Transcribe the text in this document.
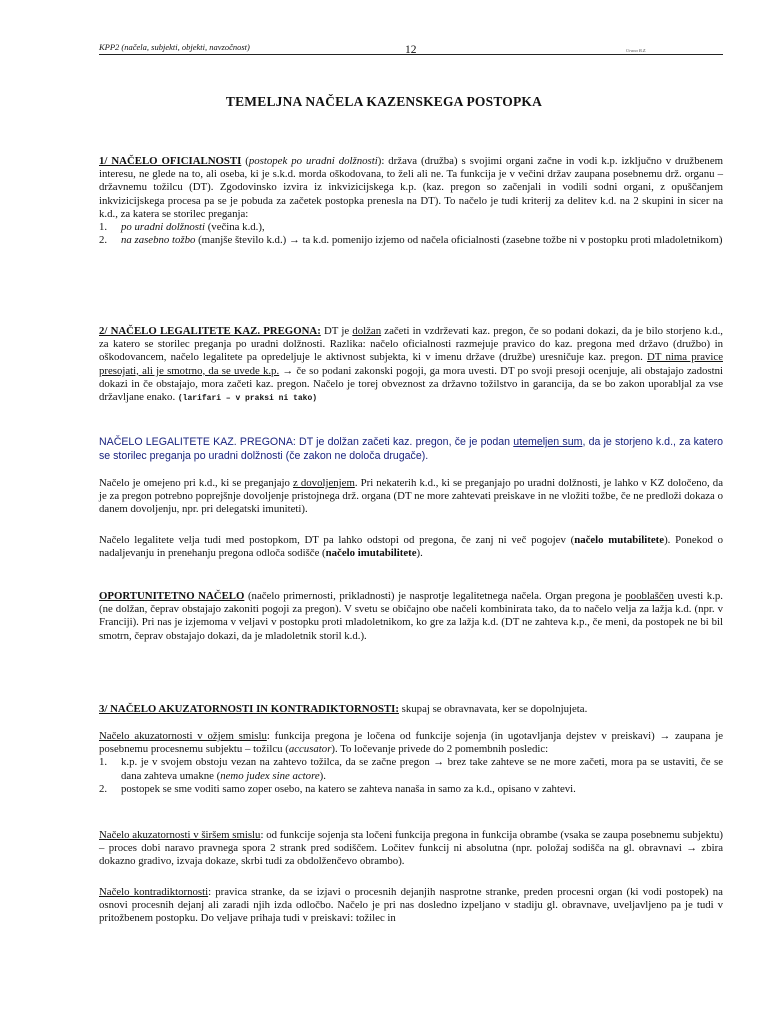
KPP2 (načela, subjekti, objekti, navzočnost)	12	Urana B.Z.
TEMELJNA NAČELA KAZENSKEGA POSTOPKA

1/ NAČELO OFICIALNOSTI (postopek po uradni dolžnosti): država (družba) s svojimi organi začne in vodi k.p. izključno v družbenem interesu, ne glede na to, ali oseba, ki je s.k.d. morda oškodovana, to želi ali ne. Ta funkcija je v večini držav zaupana posebnemu drž. organu – državnemu tožilcu (DT). Zgodovinsko izvira iz inkvizicijskega k.p. (kaz. pregon so začenjali in vodili sodni organi, z opuščanjem inkvizicijskega procesa pa se je pobuda za začetek postopka prenesla na DT). To načelo je tudi kriterij za delitev k.d. na 2 skupini in sicer na k.d., za katera se storilec preganja:

1. po uradni dolžnosti (večina k.d.),
2. na zasebno tožbo (manjše število k.d.) → ta k.d. pomenijo izjemo od načela oficialnosti (zasebne tožbe ni v postopku proti mladoletnikom)

2/ NAČELO LEGALITETE KAZ. PREGONA: DT je dolžan začeti in vzdrževati kaz. pregon, če so podani dokazi, da je bilo storjeno k.d., za katero se storilec preganja po uradni dolžnosti. Razlika: načelo oficialnosti razmejuje pravico do kaz. pregona med državo (družbo) in oškodovancem, načelo legalitete pa opredeljuje le aktivnost subjekta, ki v imenu države (družbe) uresničuje kaz. pregon. DT nima pravice presojati, ali je smotrno, da se uvede k.p. → če so podani zakonski pogoji, ga mora uvesti. DT po svoji presoji ocenjuje, ali obstajajo zadostni dokazi in če obstajajo, mora začeti kaz. pregon. Načelo je torej obveznost za državno tožilstvo in garancija, da se bo zakon uporabljal za vse državljane enako. (larifari – v praksi ni tako)

NAČELO LEGALITETE KAZ. PREGONA: DT je dolžan začeti kaz. pregon, če je podan utemeljen sum, da je storjeno k.d., za katero se storilec preganja po uradni dolžnosti (če zakon ne določa drugače).

Načelo je omejeno pri k.d., ki se preganjajo z dovoljenjem. Pri nekaterih k.d., ki se preganjajo po uradni dolžnosti, je lahko v KZ določeno, da je za pregon potrebno poprejšnje dovoljenje pristojnega drž. organa (DT ne more zahtevati preiskave in ne vložiti tožbe, če ne predloži dokaza o danem dovoljenju, npr. pri delegatski imuniteti).

Načelo legalitete velja tudi med postopkom, DT pa lahko odstopi od pregona, če zanj ni več pogojev (načelo mutabilitete). Ponekod o nadaljevanju in prenehanju pregona odloča sodišče (načelo imutabilitete).

OPORTUNITETNO NAČELO (načelo primernosti, prikladnosti) je nasprotje legalitetnega načela. Organ pregona je pooblaščen uvesti k.p. (ne dolžan, čeprav obstajajo zakoniti pogoji za pregon). V svetu se običajno obe načeli kombinirata tako, da to načelo velja za lažja k.d. (npr. v Franciji). Pri nas je izjemoma v veljavi v postopku proti mladoletnikom, ko gre za lažja k.d. (DT ne zahteva k.p., če meni, da postopek ne bi bil smotrn, čeprav obstajajo dokazi, da je mladoletnik storil k.d.).

3/ NAČELO AKUZATORNOSTI IN KONTRADIKTORNOSTI: skupaj se obravnavata, ker se dopolnjujeta.

Načelo akuzatornosti v ožjem smislu: funkcija pregona je ločena od funkcije sojenja (in ugotavljanja dejstev v preiskavi) → zaupana je posebnemu procesnemu subjektu – tožilcu (accusator). To ločevanje privede do 2 pomembnih posledic:

1. k.p. je v svojem obstoju vezan na zahtevo tožilca, da se začne pregon → brez take zahteve se ne more začeti, mora pa se ustaviti, če se dana zahteva umakne (nemo judex sine actore).
2. postopek se sme voditi samo zoper osebo, na katero se zahteva nanaša in samo za k.d., opisano v zahtevi.

Načelo akuzatornosti v širšem smislu: od funkcije sojenja sta ločeni funkcija pregona in funkcija obrambe (vsaka se zaupa posebnemu subjektu) – proces dobi naravo pravnega spora 2 strank pred sodiščem. Ločitev funkcij ni absolutna (npr. položaj sodišča na gl. obravnavi → zbira dokazno gradivo, izvaja dokaze, skrbi tudi za obdolženčevo obrambo).

Načelo kontradiktornosti: pravica stranke, da se izjavi o procesnih dejanjih nasprotne stranke, preden procesni organ (ki vodi postopek) na osnovi procesnih dejanj ali zaradi njih izda odločbo. Načelo je pri nas dosledno izpeljano v stadiju gl. obravnave, uveljavljeno pa je tudi v pritožbenem postopku. Do veljave prihaja tudi v preiskavi: tožilec in
